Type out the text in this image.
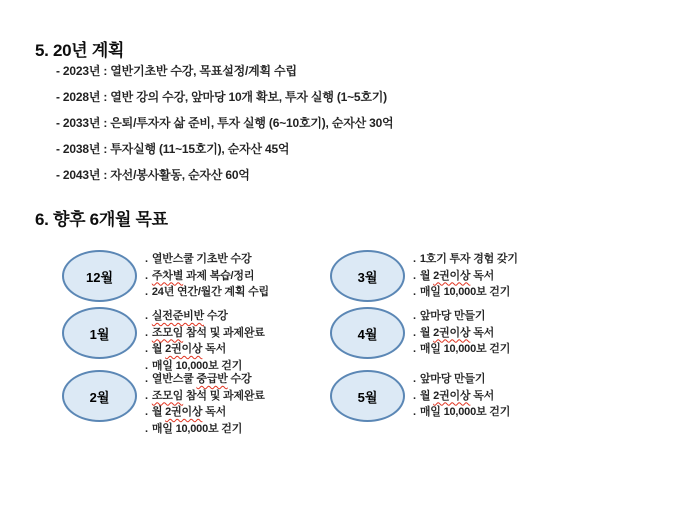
5. 20년 계획
- 2023년 : 열반기초반 수강, 목표설정/계획 수립
- 2028년 : 열반 강의 수강, 앞마당 10개 확보, 투자 실행 (1~5호기)
- 2033년 : 은퇴/투자자 삶 준비, 투자 실행 (6~10호기), 순자산 30억
- 2038년 : 투자실행 (11~15호기), 순자산 45억
- 2043년 : 자선/봉사활동, 순자산 60억
6. 향후 6개월 목표
12월
. 열반스쿨 기초반 수강
. 주차별 과제 복습/정리
. 24년 연간/월간 계획 수립
1월
. 실전준비반 수강
. 조모임 참석 및 과제완료
. 월 2권이상 독서
. 매일 10,000보 걷기
2월
. 열반스쿨 중급반 수강
. 조모임 참석 및 과제완료
. 월 2권이상 독서
. 매일 10,000보 걷기
3월
. 1호기 투자 경험 갖기
. 월 2권이상 독서
. 매일 10,000보 걷기
4월
. 앞마당 만들기
. 월 2권이상 독서
. 매일 10,000보 걷기
5월
. 앞마당 만들기
. 월 2권이상 독서
. 매일 10,000보 걷기
